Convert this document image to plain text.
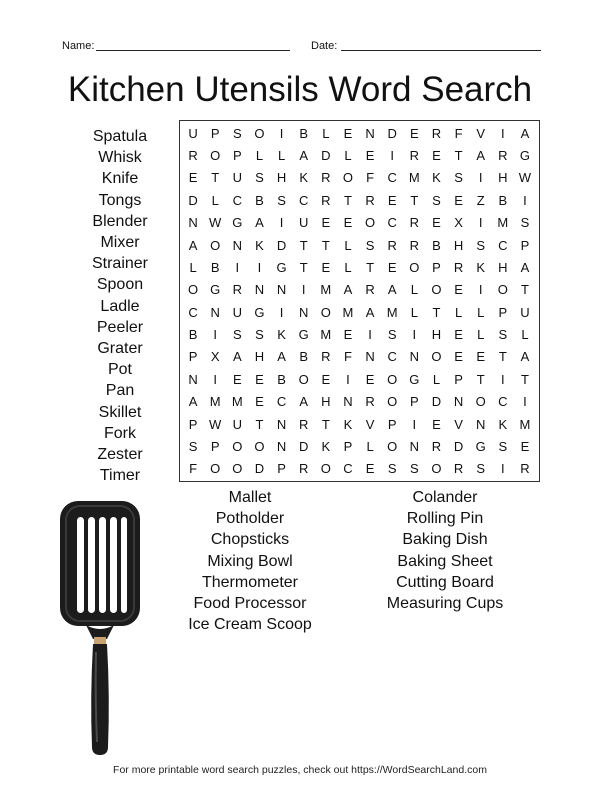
Name:	Date:
Kitchen Utensils Word Search
Spatula
Whisk
Knife
Tongs
Blender
Mixer
Strainer
Spoon
Ladle
Peeler
Grater
Pot
Pan
Skillet
Fork
Zester
Timer
U	P	S O	I	B	L	E	N D	E	R	F	V	I	A
R O P	L	L	A	D	L	E	I	R	E	T	A	R G
E	T	U	S	H	K	R O	F	C M K	S	I	H W
D	L	C	B	S	C R	T	R	E	T	S	E	Z	B	I
N W G A	I	U	E	E O C R	E	X	I	M S
A O N	K	D	T	T	L	S	R R	B	H	S	C	P
L	B	I	I	G	T	E	L	T	E O P	R	K	H	A
O G R N N	I	M A	R	A	L	O E	I	O	T
C N U G	I	N O M A M	L	T	L	L	P	U
B	I	S	S	K G M E	I	S	I	H	E	L	S	L
P	X	A	H	A	B	R	F	N C N O E	E	T	A
N	I	E	E	B O E	I	E O G	L	P	T	I	T
A M M E	C	A	H N R O P	D N O C	I
P W U	T	N R	T	K	V	P	I	E	V	N	K M
S	P O O N D	K	P	L	O N R D G S	E
F	O O D	P	R O C	E	S	S O R	S	I	R
Mallet
Potholder
Chopsticks
Mixing Bowl
Thermometer
Food Processor
Ice Cream Scoop
Colander
Rolling Pin
Baking Dish
Baking Sheet
Cutting Board
Measuring Cups
For more printable word search puzzles, check out https://WordSearchLand.com
